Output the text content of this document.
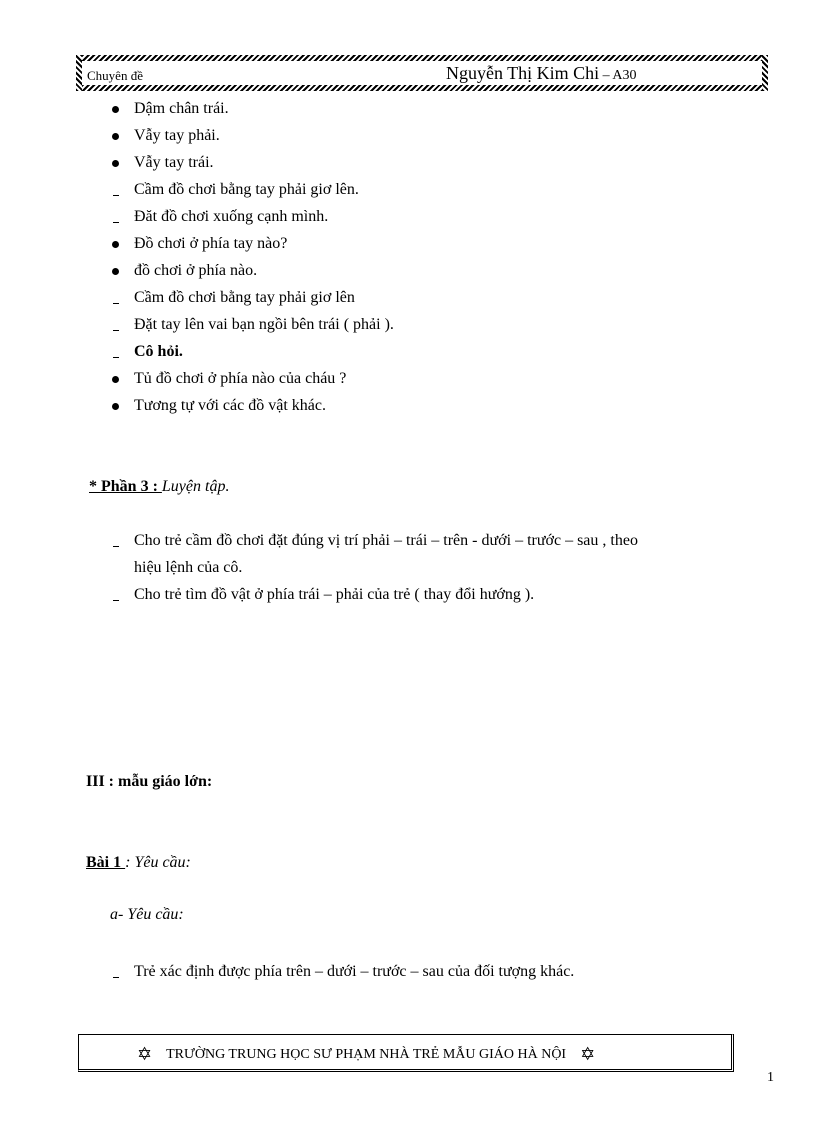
Chuyên đề	Nguyễn Thị Kim Chi – A30
Dậm chân trái.
Vẫy tay phải.
Vẫy tay trái.
Cầm đồ chơi bằng tay phải giơ lên.
Đăt đồ chơi xuống cạnh mình.
Đồ chơi ở phía tay nào?
đồ chơi ở phía nào.
Cầm đồ chơi bằng tay phải giơ lên
Đặt tay lên vai bạn ngồi bên trái ( phải ).
Cô hỏi.
Tủ đồ chơi ở phía nào của cháu ?
Tương tự với các đồ vật khác.
* Phần 3 : Luyện tập.
Cho trẻ cầm đồ chơi đặt đúng vị trí phải – trái – trên - dưới – trước – sau , theo
hiệu lệnh của cô.
Cho trẻ tìm đồ vật ở phía trái – phải của trẻ ( thay đổi hướng ).
III : mẫu giáo lớn:
Bài 1 : Yêu cầu:
a- Yêu cầu:
Trẻ xác định được phía trên – dưới – trước – sau của đối tượng khác.
✡ TRƯỜNG TRUNG HỌC SƯ PHẠM NHÀ TRẺ MẪU GIÁO HÀ NỘI ✡
1
